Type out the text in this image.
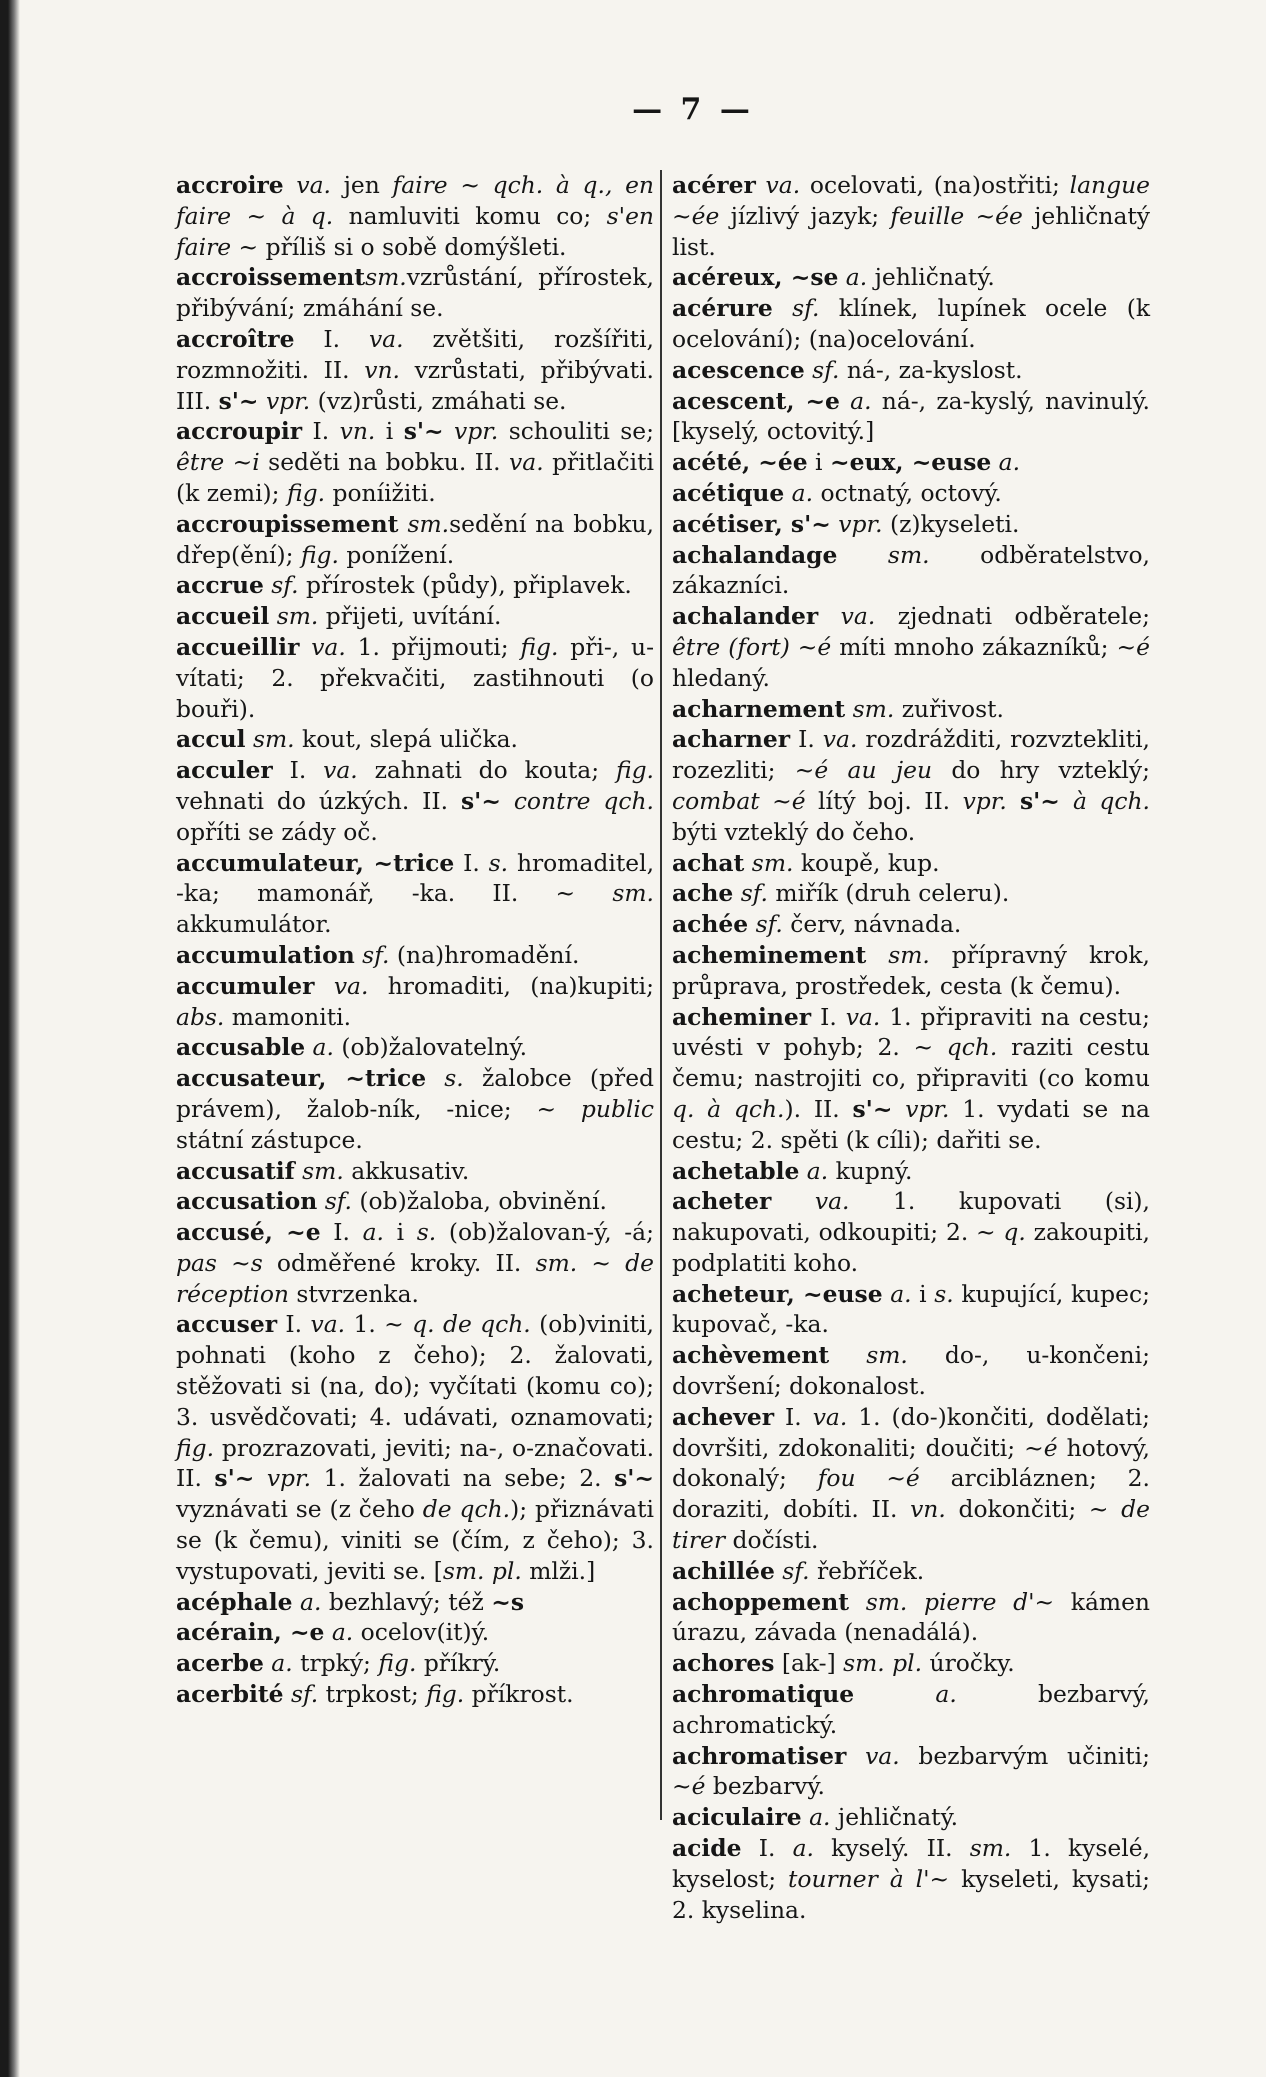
— 7 —

accroire va. jen faire ~ qch. à q., en faire ~ à q. namluviti komu co; s'en faire ~ příliš si o sobě domýšleti.

accroissementsm.vzrůstání, přírostek, přibývání; zmáhání se.

accroître I. va. zvětšiti, rozšířiti, rozmnožiti. II. vn. vzrůstati, přibývati. III. s'~ vpr. (vz)růsti, zmáhati se.

accroupir I. vn. i s'~ vpr. schouliti se; être ~i seděti na bobku. II. va. přitlačiti (k zemi); fig. poníižiti.

accroupissement sm.sedění na bobku, dřep(ění); fig. ponížení.

accrue sf. přírostek (půdy), připlavek.

accueil sm. přijeti, uvítání.

accueillir va. 1. přijmouti; fig. při-, u-vítati; 2. překvačiti, zastihnouti (o bouři).

accul sm. kout, slepá ulička.

acculer I. va. zahnati do kouta; fig. vehnati do úzkých. II. s'~ contre qch. opříti se zády oč.

accumulateur, ~trice I. s. hromaditel, -ka; mamonář, -ka. II. ~ sm. akkumulátor.

accumulation sf. (na)hromadění.

accumuler va. hromaditi, (na)kupiti; abs. mamoniti.

accusable a. (ob)žalovatelný.

accusateur, ~trice s. žalobce (před právem), žalob-ník, -nice; ~ public státní zástupce.

accusatif sm. akkusativ.

accusation sf. (ob)žaloba, obvinění.

accusé, ~e I. a. i s. (ob)žalovan-ý, -á; pas ~s odměřené kroky. II. sm. ~ de réception stvrzenka.

accuser I. va. 1. ~ q. de qch. (ob)viniti, pohnati (koho z čeho); 2. žalovati, stěžovati si (na, do); vyčítati (komu co); 3. usvědčovati; 4. udávati, oznamovati; fig. prozrazovati, jeviti; na-, o-značovati. II. s'~ vpr. 1. žalovati na sebe; 2. s'~ vyznávati se (z čeho de qch.); přiznávati se (k čemu), viniti se (čím, z čeho); 3. vystupovati, jeviti se. [sm. pl. mlži.]

acéphale a. bezhlavý; též ~s

acérain, ~e a. ocelov(it)ý.

acerbe a. trpký; fig. příkrý.

acerbité sf. trpkost; fig. příkrost.

acérer va. ocelovati, (na)ostřiti; langue ~ée jízlivý jazyk; feuille ~ée jehličnatý list.

acéreux, ~se a. jehličnatý.

acérure sf. klínek, lupínek ocele (k ocelování); (na)ocelování.

acescence sf. ná-, za-kyslost.

acescent, ~e a. ná-, za-kyslý, navinulý. [kyselý, octovitý.]

acété, ~ée i ~eux, ~euse a.

acétique a. octnatý, octový.

acétiser, s'~ vpr. (z)kyseleti.

achalandage sm. odběratelstvo, zákazníci.

achalander va. zjednati odběratele; être (fort) ~é míti mnoho zákazníků; ~é hledaný.

acharnement sm. zuřivost.

acharner I. va. rozdrážditi, rozvztekliti, rozezliti; ~é au jeu do hry vzteklý; combat ~é lítý boj. II. vpr. s'~ à qch. býti vzteklý do čeho.

achat sm. koupě, kup.

ache sf. miřík (druh celeru).

achée sf. červ, návnada.

acheminement sm. přípravný krok, průprava, prostředek, cesta (k čemu).

acheminer I. va. 1. připraviti na cestu; uvésti v pohyb; 2. ~ qch. raziti cestu čemu; nastrojiti co, připraviti (co komu q. à qch.). II. s'~ vpr. 1. vydati se na cestu; 2. spěti (k cíli); dařiti se.

achetable a. kupný.

acheter va. 1. kupovati (si), nakupovati, odkoupiti; 2. ~ q. zakoupiti, podplatiti koho.

acheteur, ~euse a. i s. kupující, kupec; kupovač, -ka.

achèvement sm. do-, u-končeni; dovršení; dokonalost.

achever I. va. 1. (do-)končiti, dodělati; dovršiti, zdokonaliti; doučiti; ~é hotový, dokonalý; fou ~é arcibláznen; 2. doraziti, dobíti. II. vn. dokončiti; ~ de tirer dočísti.

achillée sf. řebříček.

achoppement sm. pierre d'~ kámen úrazu, závada (nenadálá).

achores [ak-] sm. pl. úročky.

achromatique a. bezbarvý, achromatický.

achromatiser va. bezbarvým učiniti; ~é bezbarvý.

aciculaire a. jehličnatý.

acide I. a. kyselý. II. sm. 1. kyselé, kyselost; tourner à l'~ kyseleti, kysati; 2. kyselina.
